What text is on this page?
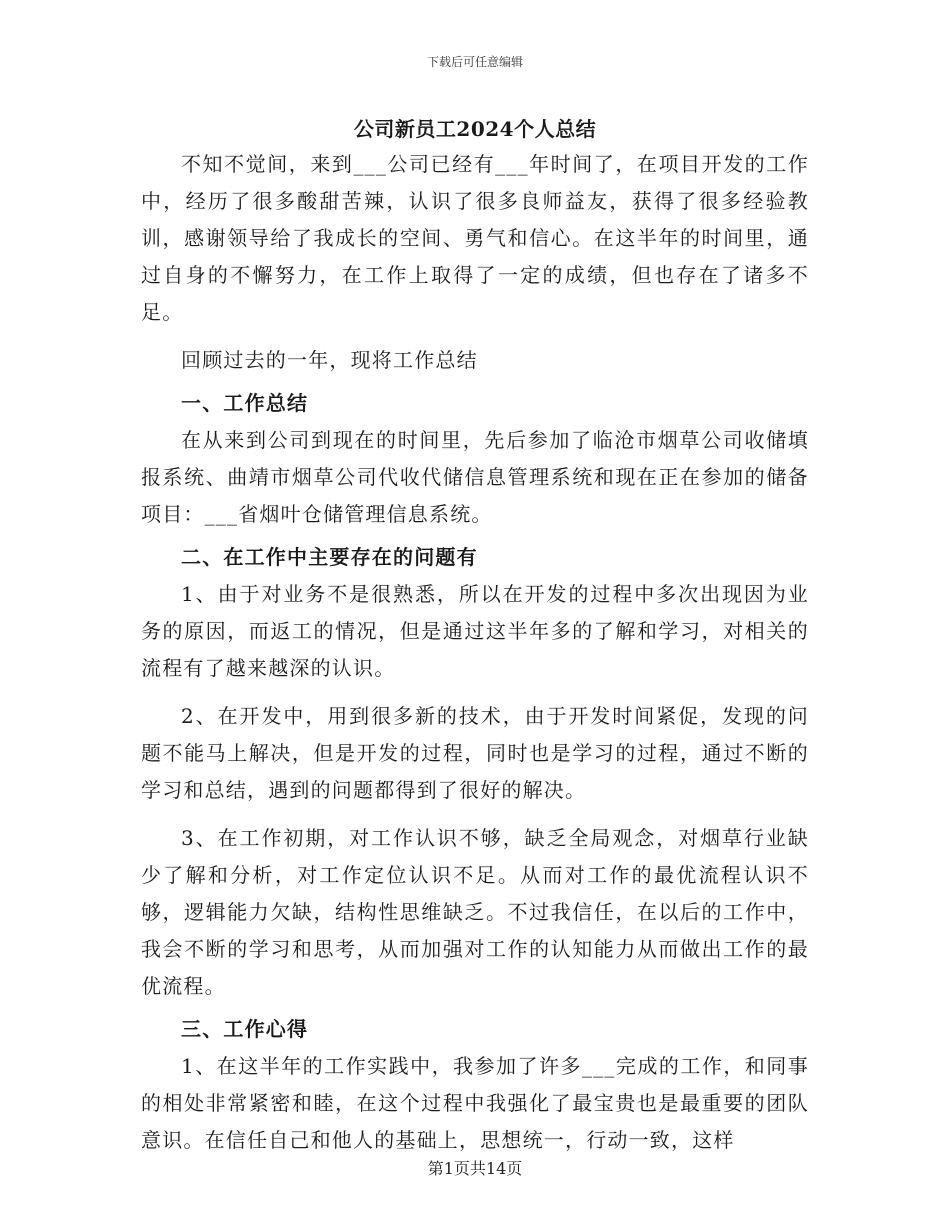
下载后可任意编辑
公司新员工2024个人总结

不知不觉间，来到___公司已经有___年时间了，在项目开发的工作中，经历了很多酸甜苦辣，认识了很多良师益友，获得了很多经验教训，感谢领导给了我成长的空间、勇气和信心。在这半年的时间里，通过自身的不懈努力，在工作上取得了一定的成绩，但也存在了诸多不足。

回顾过去的一年，现将工作总结

一、工作总结

在从来到公司到现在的时间里，先后参加了临沧市烟草公司收储填报系统、曲靖市烟草公司代收代储信息管理系统和现在正在参加的储备项目：___省烟叶仓储管理信息系统。

二、在工作中主要存在的问题有

1、由于对业务不是很熟悉，所以在开发的过程中多次出现因为业务的原因，而返工的情况，但是通过这半年多的了解和学习，对相关的流程有了越来越深的认识。

2、在开发中，用到很多新的技术，由于开发时间紧促，发现的问题不能马上解决，但是开发的过程，同时也是学习的过程，通过不断的学习和总结，遇到的问题都得到了很好的解决。

3、在工作初期，对工作认识不够，缺乏全局观念，对烟草行业缺少了解和分析，对工作定位认识不足。从而对工作的最优流程认识不够，逻辑能力欠缺，结构性思维缺乏。不过我信任，在以后的工作中，我会不断的学习和思考，从而加强对工作的认知能力从而做出工作的最优流程。

三、工作心得

1、在这半年的工作实践中，我参加了许多___完成的工作，和同事的相处非常紧密和睦，在这个过程中我强化了最宝贵也是最重要的团队意识。在信任自己和他人的基础上，思想统一，行动一致，这样

第1页共14页
